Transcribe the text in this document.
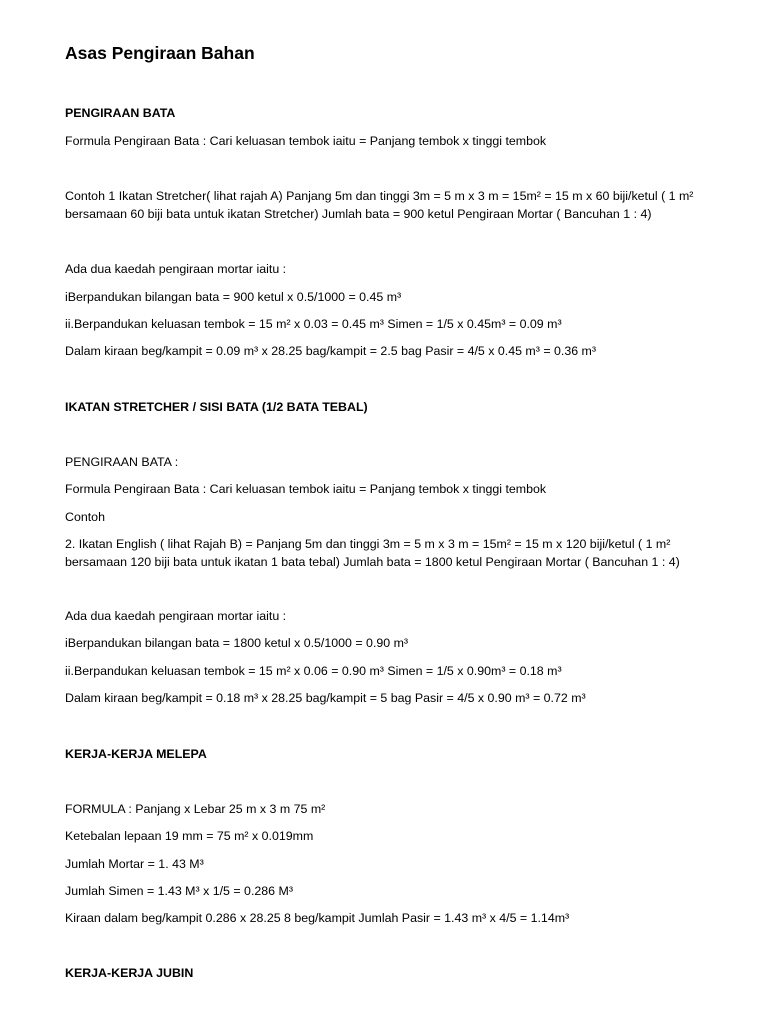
Asas Pengiraan Bahan
PENGIRAAN BATA
Formula Pengiraan Bata : Cari keluasan tembok iaitu = Panjang tembok x tinggi tembok
Contoh 1 Ikatan Stretcher( lihat rajah A) Panjang 5m dan tinggi 3m = 5 m x 3 m = 15m² = 15 m x 60 biji/ketul ( 1 m²
bersamaan 60 biji bata untuk ikatan Stretcher) Jumlah bata = 900 ketul Pengiraan Mortar ( Bancuhan 1 : 4)
Ada dua kaedah pengiraan mortar iaitu :
iBerpandukan bilangan bata = 900 ketul x 0.5/1000 = 0.45 m³
ii.Berpandukan keluasan tembok = 15 m² x 0.03 = 0.45 m³ Simen = 1/5 x 0.45m³ = 0.09 m³
Dalam kiraan beg/kampit = 0.09 m³ x 28.25 bag/kampit = 2.5 bag Pasir = 4/5 x 0.45 m³ = 0.36 m³
IKATAN STRETCHER / SISI BATA (1/2 BATA TEBAL)
PENGIRAAN BATA :
Formula Pengiraan Bata : Cari keluasan tembok iaitu = Panjang tembok x tinggi tembok
Contoh
2. Ikatan English ( lihat Rajah B) = Panjang 5m dan tinggi 3m = 5 m x 3 m = 15m² = 15 m x 120 biji/ketul ( 1 m²
bersamaan 120 biji bata untuk ikatan 1 bata tebal) Jumlah bata = 1800 ketul Pengiraan Mortar ( Bancuhan 1 : 4)
Ada dua kaedah pengiraan mortar iaitu :
iBerpandukan bilangan bata = 1800 ketul x 0.5/1000 = 0.90 m³
ii.Berpandukan keluasan tembok = 15 m² x 0.06 = 0.90 m³ Simen = 1/5 x 0.90m³ = 0.18 m³
Dalam kiraan beg/kampit = 0.18 m³ x 28.25 bag/kampit = 5 bag Pasir = 4/5 x 0.90 m³ = 0.72 m³
KERJA-KERJA MELEPA
FORMULA : Panjang x Lebar 25 m x 3 m 75 m²
Ketebalan lepaan 19 mm = 75 m² x 0.019mm
Jumlah Mortar = 1. 43 M³
Jumlah Simen = 1.43 M³ x 1/5 = 0.286 M³
Kiraan dalam beg/kampit 0.286 x 28.25 8 beg/kampit Jumlah Pasir = 1.43 m³ x 4/5 = 1.14m³
KERJA-KERJA JUBIN
